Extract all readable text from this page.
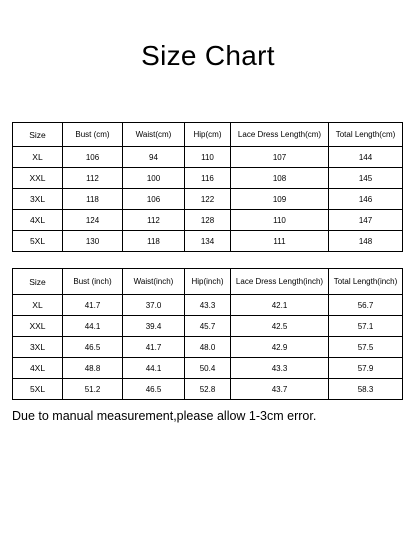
Size Chart
Size	Bust (cm)	Waist(cm)	Hip(cm)	Lace Dress Length(cm)	Total Length(cm)
XL	106	94	110	107	144
XXL	112	100	116	108	145
3XL	118	106	122	109	146
4XL	124	112	128	110	147
5XL	130	118	134	111	148
Size	Bust (inch)	Waist(inch)	Hip(inch)	Lace Dress Length(inch)	Total Length(inch)
XL	41.7	37.0	43.3	42.1	56.7
XXL	44.1	39.4	45.7	42.5	57.1
3XL	46.5	41.7	48.0	42.9	57.5
4XL	48.8	44.1	50.4	43.3	57.9
5XL	51.2	46.5	52.8	43.7	58.3
Due to manual measurement,please allow 1-3cm error.
